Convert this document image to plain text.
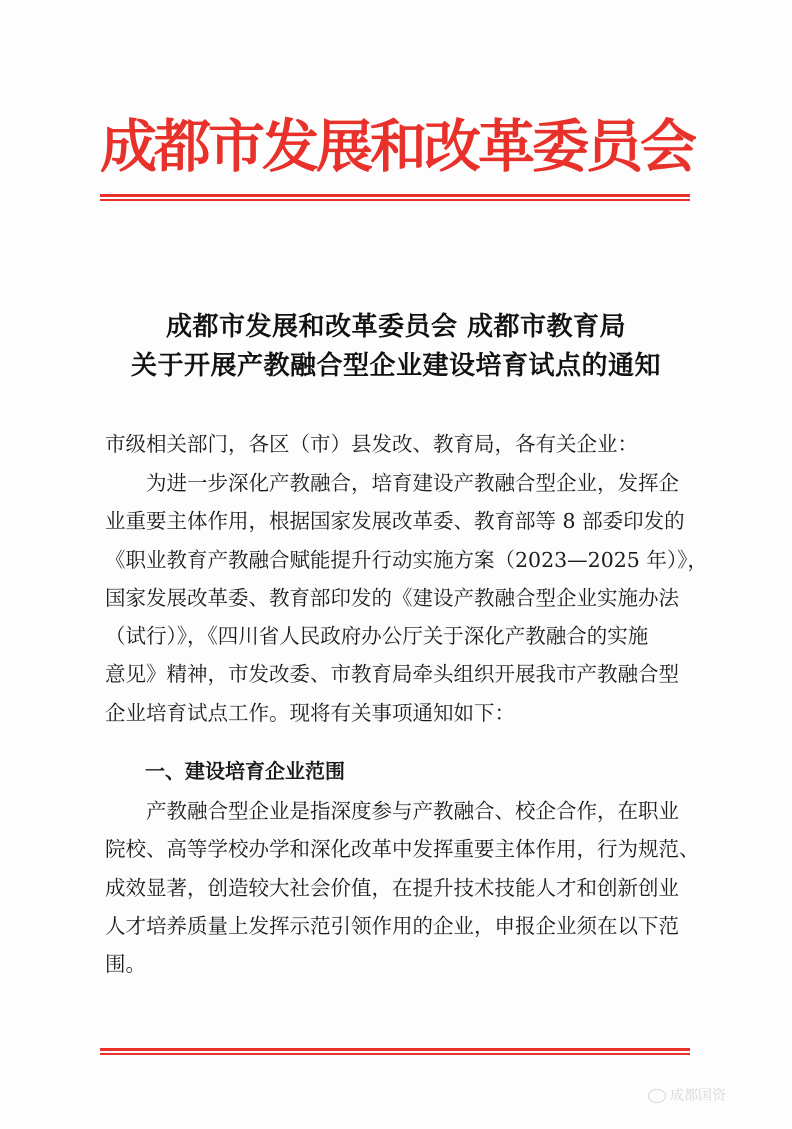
成都市发展和改革委员会
成都市发展和改革委员会 成都市教育局
关于开展产教融合型企业建设培育试点的通知
市级相关部门，各区（市）县发改、教育局，各有关企业：
　　为进一步深化产教融合，培育建设产教融合型企业，发挥企
业重要主体作用，根据国家发展改革委、教育部等 8 部委印发的
《职业教育产教融合赋能提升行动实施方案（2023—2025 年）》，
国家发展改革委、教育部印发的《建设产教融合型企业实施办法
（试行）》，《四川省人民政府办公厅关于深化产教融合的实施
意见》精神，市发改委、市教育局牵头组织开展我市产教融合型
企业培育试点工作。现将有关事项通知如下：
　　一、建设培育企业范围
　　产教融合型企业是指深度参与产教融合、校企合作，在职业
院校、高等学校办学和深化改革中发挥重要主体作用，行为规范、
成效显著，创造较大社会价值，在提升技术技能人才和创新创业
人才培养质量上发挥示范引领作用的企业，申报企业须在以下范
围。
成都国资
